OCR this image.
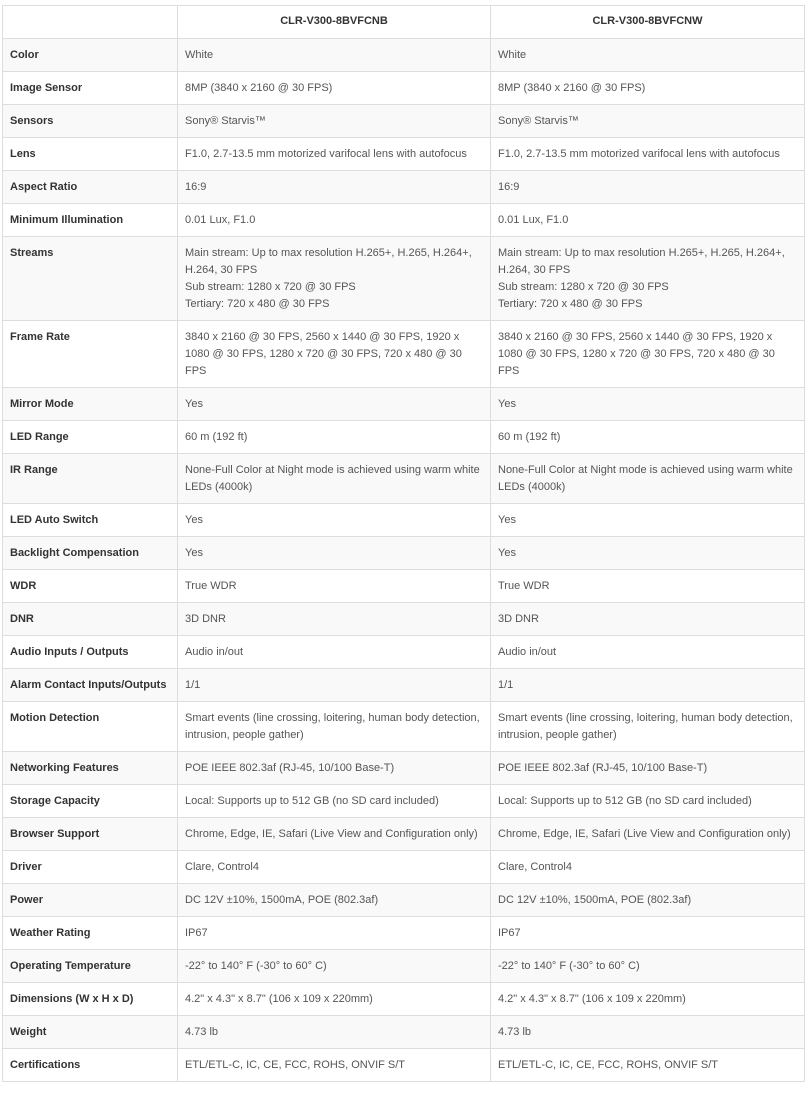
	CLR-V300-8BVFCNB	CLR-V300-8BVFCNW
Color	White	White
Image Sensor	8MP (3840 x 2160 @ 30 FPS)	8MP (3840 x 2160 @ 30 FPS)
Sensors	Sony® Starvis™	Sony® Starvis™
Lens	F1.0, 2.7-13.5 mm motorized varifocal lens with autofocus	F1.0, 2.7-13.5 mm motorized varifocal lens with autofocus
Aspect Ratio	16:9	16:9
Minimum Illumination	0.01 Lux, F1.0	0.01 Lux, F1.0
Streams	Main stream: Up to max resolution H.265+, H.265, H.264+, H.264, 30 FPS
Sub stream: 1280 x 720 @ 30 FPS
Tertiary: 720 x 480 @ 30 FPS	Main stream: Up to max resolution H.265+, H.265, H.264+, H.264, 30 FPS
Sub stream: 1280 x 720 @ 30 FPS
Tertiary: 720 x 480 @ 30 FPS
Frame Rate	3840 x 2160 @ 30 FPS, 2560 x 1440 @ 30 FPS, 1920 x 1080 @ 30 FPS, 1280 x 720 @ 30 FPS, 720 x 480 @ 30 FPS	3840 x 2160 @ 30 FPS, 2560 x 1440 @ 30 FPS, 1920 x 1080 @ 30 FPS, 1280 x 720 @ 30 FPS, 720 x 480 @ 30 FPS
Mirror Mode	Yes	Yes
LED Range	60 m (192 ft)	60 m (192 ft)
IR Range	None-Full Color at Night mode is achieved using warm white LEDs (4000k)	None-Full Color at Night mode is achieved using warm white LEDs (4000k)
LED Auto Switch	Yes	Yes
Backlight Compensation	Yes	Yes
WDR	True WDR	True WDR
DNR	3D DNR	3D DNR
Audio Inputs / Outputs	Audio in/out	Audio in/out
Alarm Contact Inputs/Outputs	1/1	1/1
Motion Detection	Smart events (line crossing, loitering, human body detection, intrusion, people gather)	Smart events (line crossing, loitering, human body detection, intrusion, people gather)
Networking Features	POE IEEE 802.3af (RJ-45, 10/100 Base-T)	POE IEEE 802.3af (RJ-45, 10/100 Base-T)
Storage Capacity	Local: Supports up to 512 GB (no SD card included)	Local: Supports up to 512 GB (no SD card included)
Browser Support	Chrome, Edge, IE, Safari (Live View and Configuration only)	Chrome, Edge, IE, Safari (Live View and Configuration only)
Driver	Clare, Control4	Clare, Control4
Power	DC 12V ±10%, 1500mA, POE (802.3af)	DC 12V ±10%, 1500mA, POE (802.3af)
Weather Rating	IP67	IP67
Operating Temperature	-22° to 140° F (-30° to 60° C)	-22° to 140° F (-30° to 60° C)
Dimensions (W x H x D)	4.2" x 4.3" x 8.7" (106 x 109 x 220mm)	4.2" x 4.3" x 8.7" (106 x 109 x 220mm)
Weight	4.73 lb	4.73 lb
Certifications	ETL/ETL-C, IC, CE, FCC, ROHS, ONVIF S/T	ETL/ETL-C, IC, CE, FCC, ROHS, ONVIF S/T
